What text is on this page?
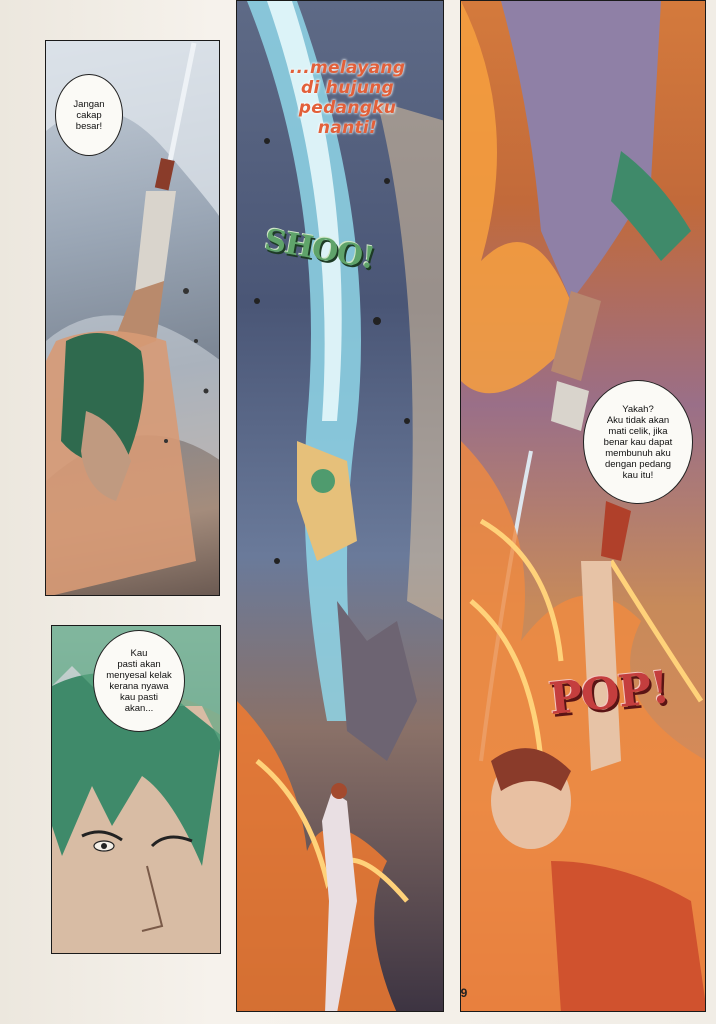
Jangan
cakap
besar!
Kau
pasti akan
menyesal kelak
kerana nyawa
kau pasti
akan...
...melayang
di hujung
pedangku
nanti!
SHOO!
Yakah?
Aku tidak akan
mati celik, jika
benar kau dapat
membunuh aku
dengan pedang
kau itu!
POP!
9
